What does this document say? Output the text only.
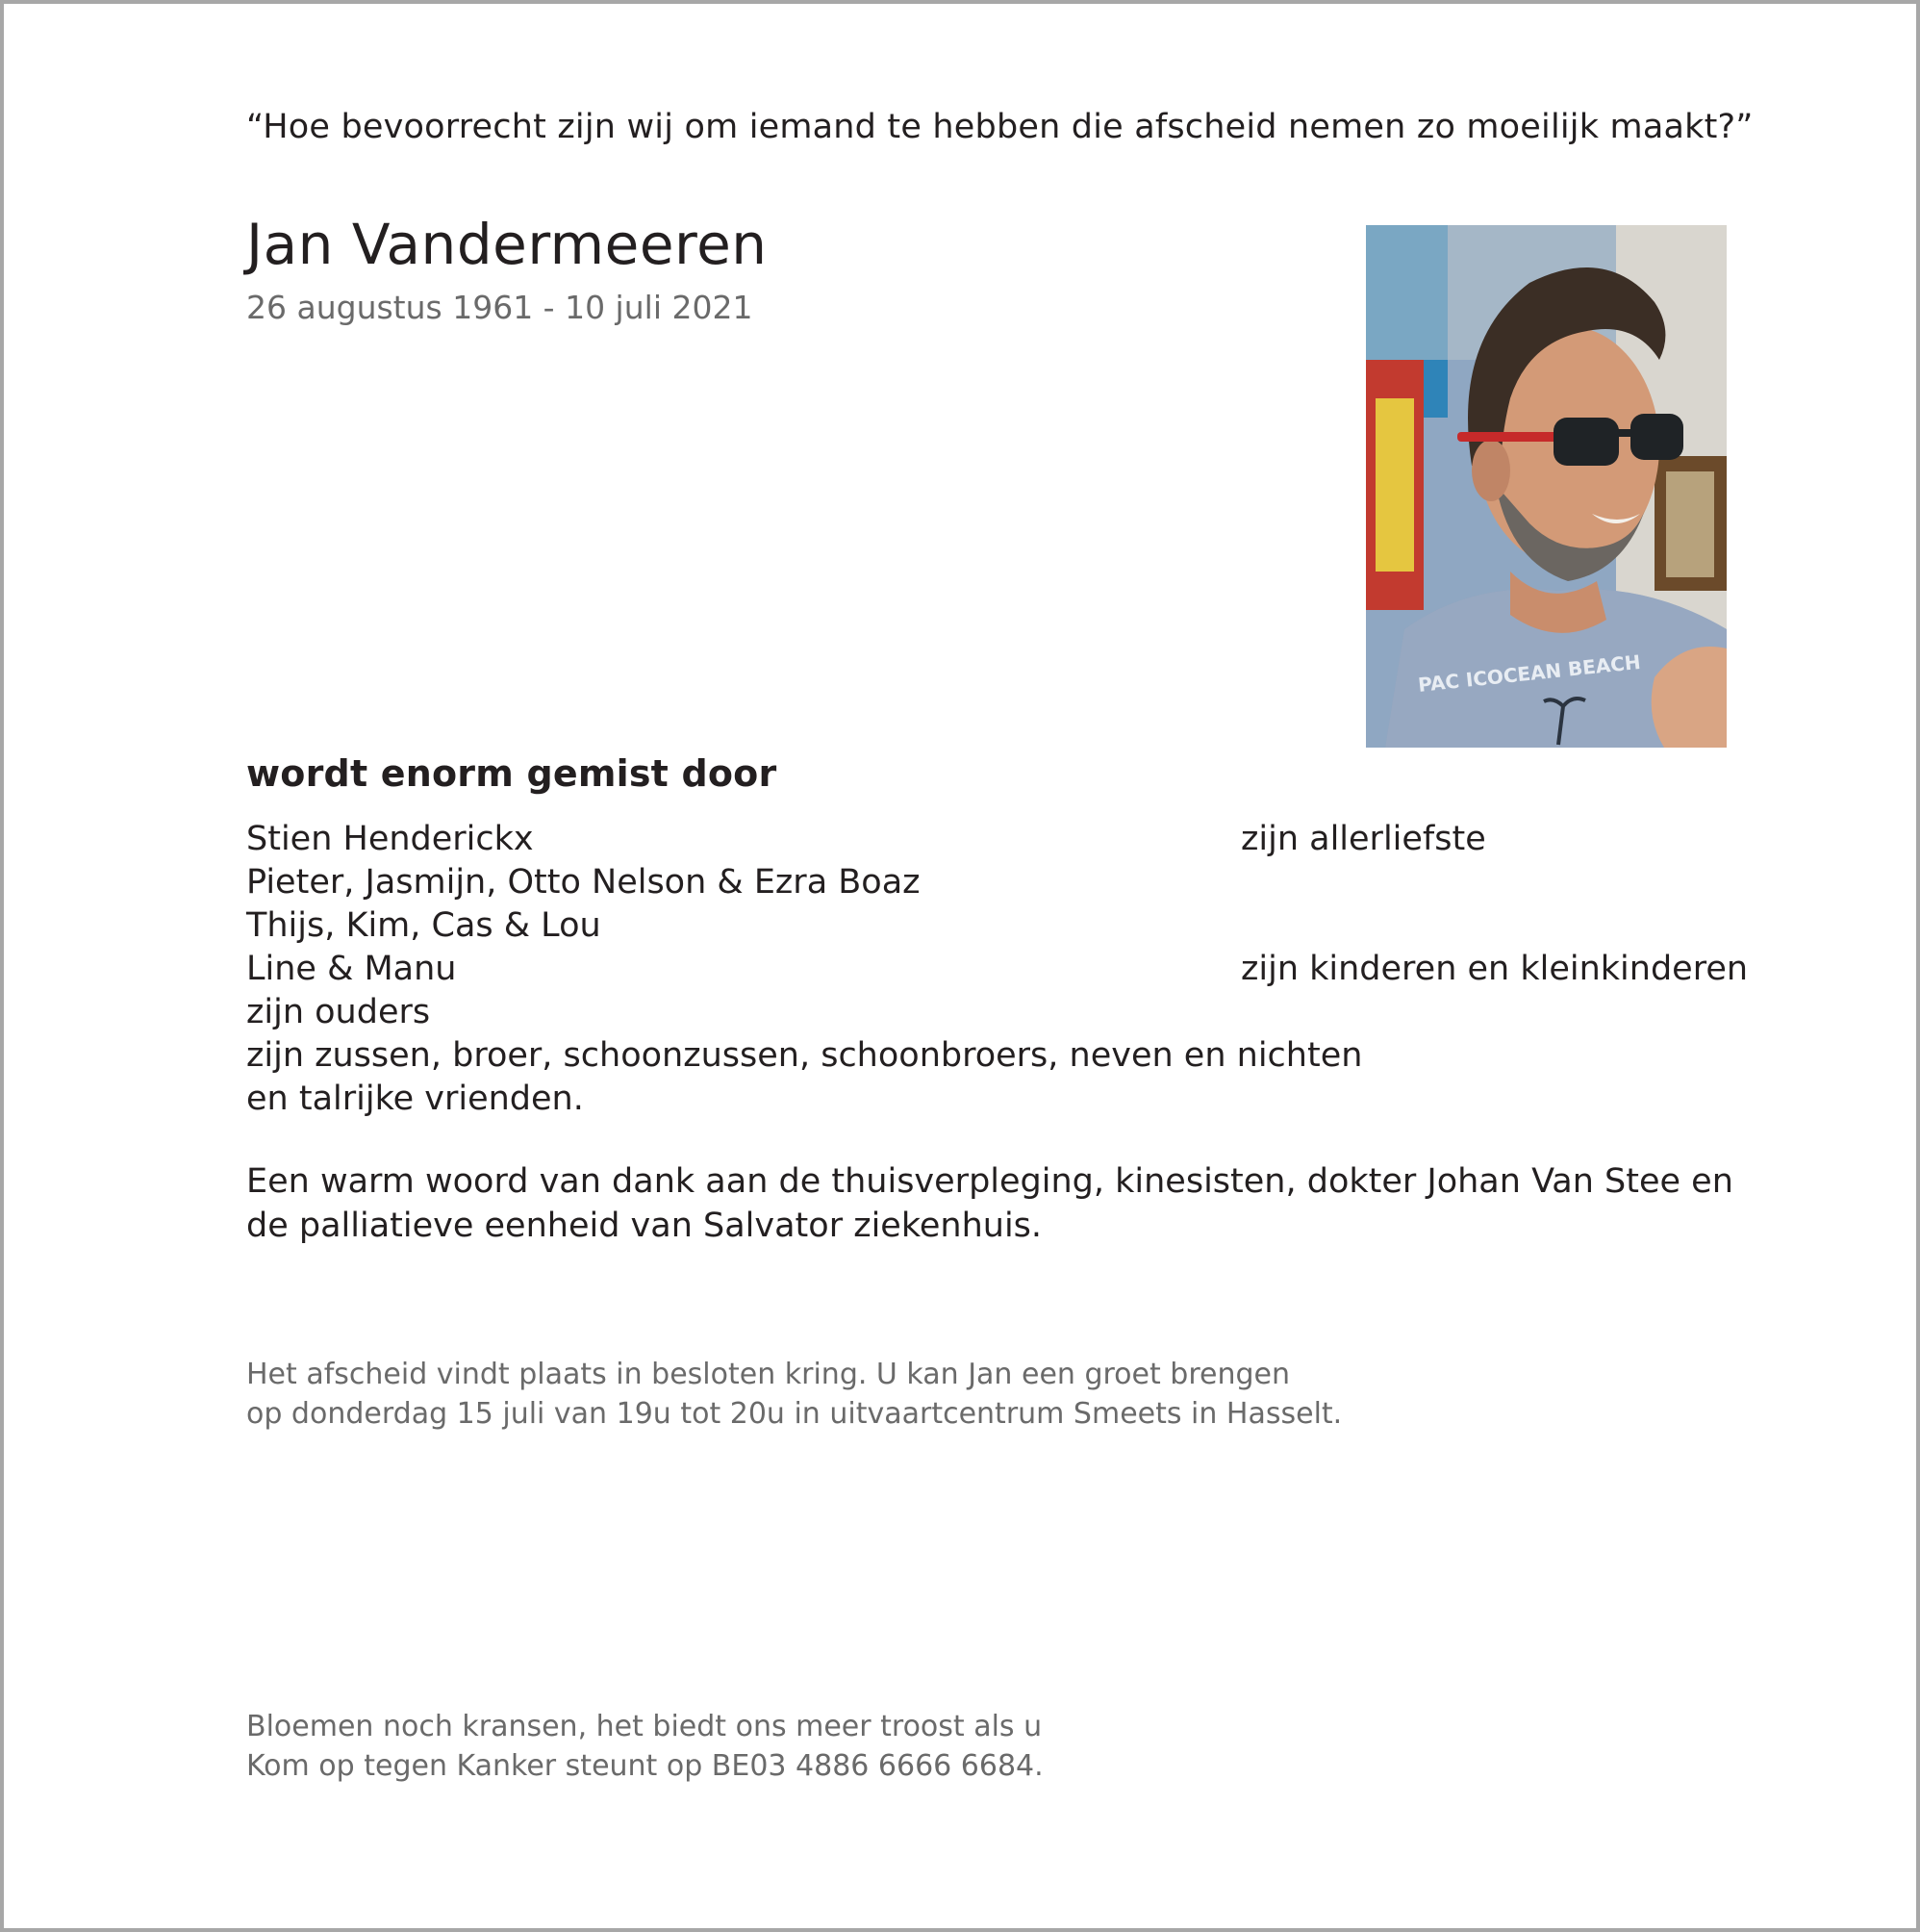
“Hoe bevoorrecht zijn wij om iemand te hebben die afscheid nemen zo moeilijk maakt?”
Jan Vandermeeren
26 augustus 1961 - 10 juli 2021
PAC ICOCEAN BEACH
wordt enorm gemist door
Stien Henderickx	zijn allerliefste
Pieter, Jasmijn, Otto Nelson & Ezra Boaz
Thijs, Kim, Cas & Lou
Line & Manu	zijn kinderen en kleinkinderen
zijn ouders
zijn zussen, broer, schoonzussen, schoonbroers, neven en nichten
en talrijke vrienden.

Een warm woord van dank aan de thuisverpleging, kinesisten, dokter Johan Van Stee en

de palliatieve eenheid van Salvator ziekenhuis.

Het afscheid vindt plaats in besloten kring. U kan Jan een groet brengen

op donderdag 15 juli van 19u tot 20u in uitvaartcentrum Smeets in Hasselt.

Bloemen noch kransen, het biedt ons meer troost als u

Kom op tegen Kanker steunt op BE03 4886 6666 6684.
